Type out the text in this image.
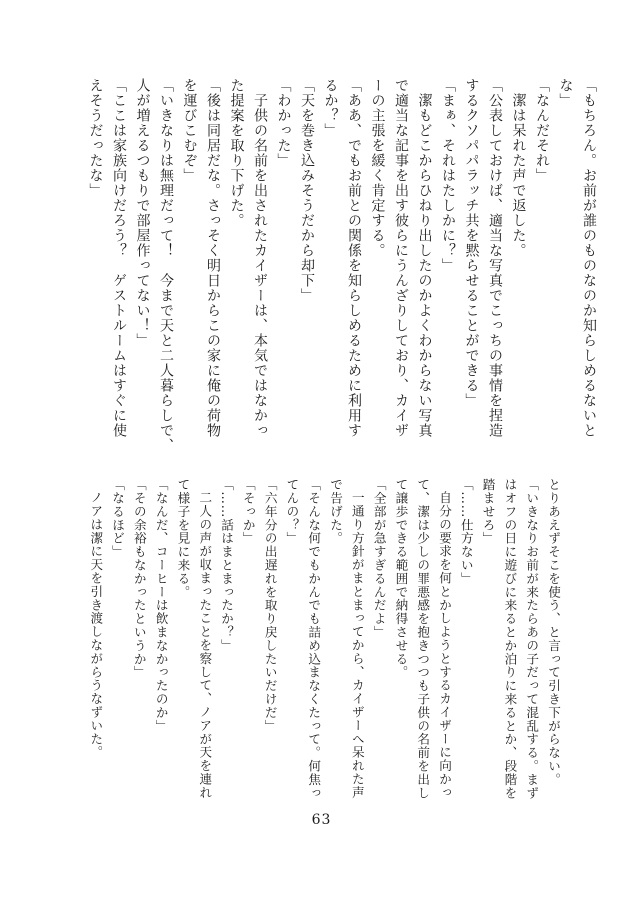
「もちろん。お前が誰のものなのか知らしめるないと
な」
「なんだそれ」
潔は呆れた声で返した。
「公表しておけば、適当な写真でこっちの事情を捏造
するクソパパラッチ共を黙らせることができる」
「まぁ、それはたしかに？」
潔もどこからひねり出したのかよくわからない写真
で適当な記事を出す彼らにうんざりしており、カイザ
ーの主張を緩く肯定する。
「ああ、でもお前との関係を知らしめるために利用す
るか？」
「天を巻き込みそうだから却下」
「わかった」
子供の名前を出されたカイザーは、本気ではなかっ
た提案を取り下げた。
「後は同居だな。さっそく明日からこの家に俺の荷物
を運びこむぞ」
「いきなりは無理だって！　今まで天と二人暮らしで、
人が増えるつもりで部屋作ってない！」
「ここは家族向けだろう？　ゲストルームはすぐに使
えそうだったな」
とりあえずそこを使う、と言って引き下がらない。
「いきなりお前が来たらあの子だって混乱する。まず
はオフの日に遊びに来るとか泊りに来るとか、段階を
踏ませろ」
「……仕方ない」
自分の要求を何とかしようとするカイザーに向かっ
て、潔は少しの罪悪感を抱きつつも子供の名前を出し
て譲歩できる範囲で納得させる。
「全部が急すぎるんだよ」
一通り方針がまとまってから、カイザーへ呆れた声
で告げた。
「そんな何でもかんでも詰め込まなくたって。何焦っ
てんの？」
「六年分の出遅れを取り戻したいだけだ」
「そっか」
「……話はまとまったか？」
二人の声が収まったことを察して、ノアが天を連れ
て様子を見に来る。
「なんだ、コーヒーは飲まなかったのか」
「その余裕もなかったというか」
「なるほど」
ノアは潔に天を引き渡しながらうなずいた。
63
